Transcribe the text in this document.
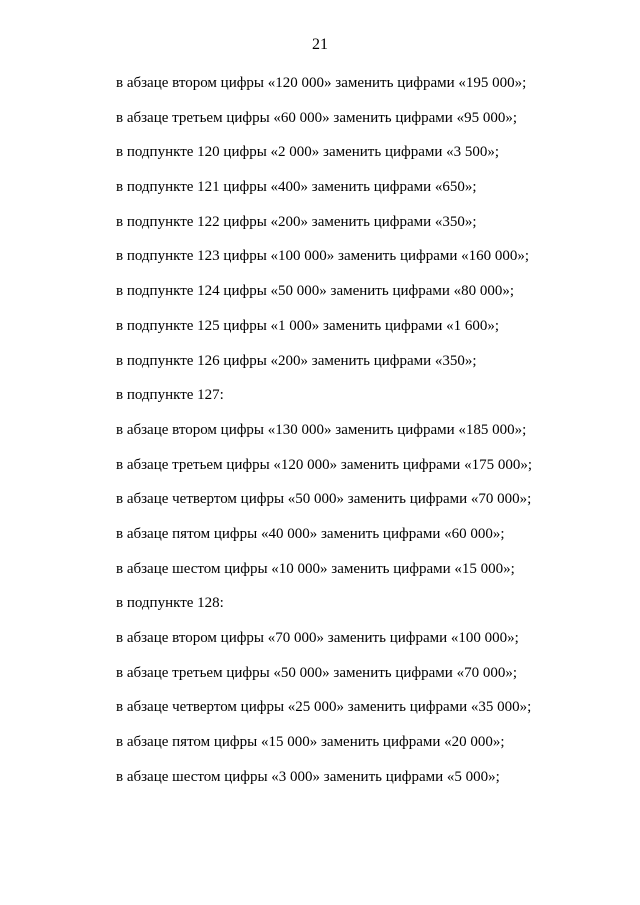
21
в абзаце втором цифры «120 000» заменить цифрами «195 000»;
в абзаце третьем цифры «60 000» заменить цифрами «95 000»;
в подпункте 120 цифры «2 000» заменить цифрами «3 500»;
в подпункте 121 цифры «400» заменить цифрами «650»;
в подпункте 122 цифры «200» заменить цифрами «350»;
в подпункте 123 цифры «100 000» заменить цифрами «160 000»;
в подпункте 124 цифры «50 000» заменить цифрами «80 000»;
в подпункте 125 цифры «1 000» заменить цифрами «1 600»;
в подпункте 126 цифры «200» заменить цифрами «350»;
в подпункте 127:
в абзаце втором цифры «130 000» заменить цифрами «185 000»;
в абзаце третьем цифры «120 000» заменить цифрами «175 000»;
в абзаце четвертом цифры «50 000» заменить цифрами «70 000»;
в абзаце пятом цифры «40 000» заменить цифрами «60 000»;
в абзаце шестом цифры «10 000» заменить цифрами «15 000»;
в подпункте 128:
в абзаце втором цифры «70 000» заменить цифрами «100 000»;
в абзаце третьем цифры «50 000» заменить цифрами «70 000»;
в абзаце четвертом цифры «25 000» заменить цифрами «35 000»;
в абзаце пятом цифры «15 000» заменить цифрами «20 000»;
в абзаце шестом цифры «3 000» заменить цифрами «5 000»;
